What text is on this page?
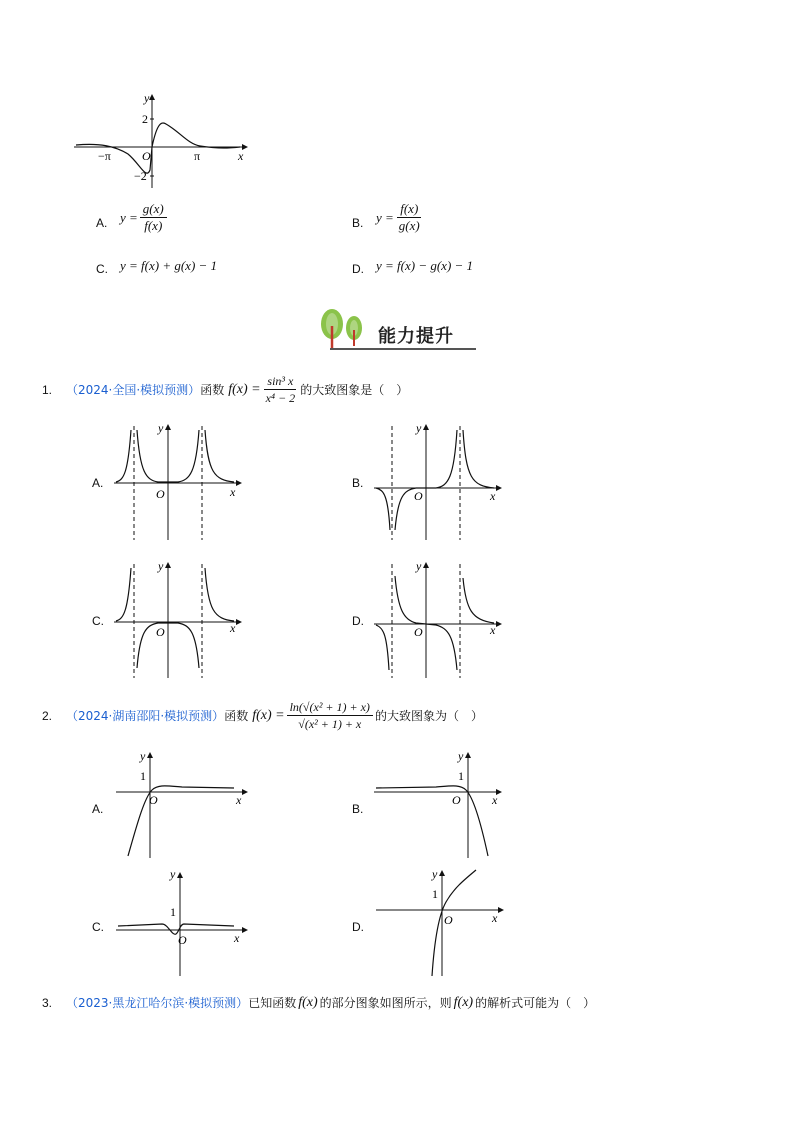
y
x
O
2
−2
−π	π
A. $y = \frac{g(x)}{f(x)}$	B. $y = \frac{f(x)}{g(x)}$
C. y = f(x) + g(x) − 1	D. y = f(x) − g(x) − 1
能力提升
1. （2024·全国·模拟预测） 函数 $f(x) = \frac{\text{sin³ x}}{\text{x⁴ − 2}}$ 的大致图象是（　）
A.
y
x
O
B.
y
x
O
C.
y
x
O
D.
y
x
O
2. （2024·湖南邵阳·模拟预测） 函数 $f(x) = \frac{\text{ln(√(x² + 1) + x)}}{\text{√(x² + 1) + x}}$ 的大致图象为（　）
A.
y
x
O
1
B.
y
x
O
1
C.
y
x
O
1
D.
y
x
O
1
3. （2023·黑龙江哈尔滨·模拟预测） 已知函数 f(x) 的部分图象如图所示，则 f(x) 的解析式可能为（　）
